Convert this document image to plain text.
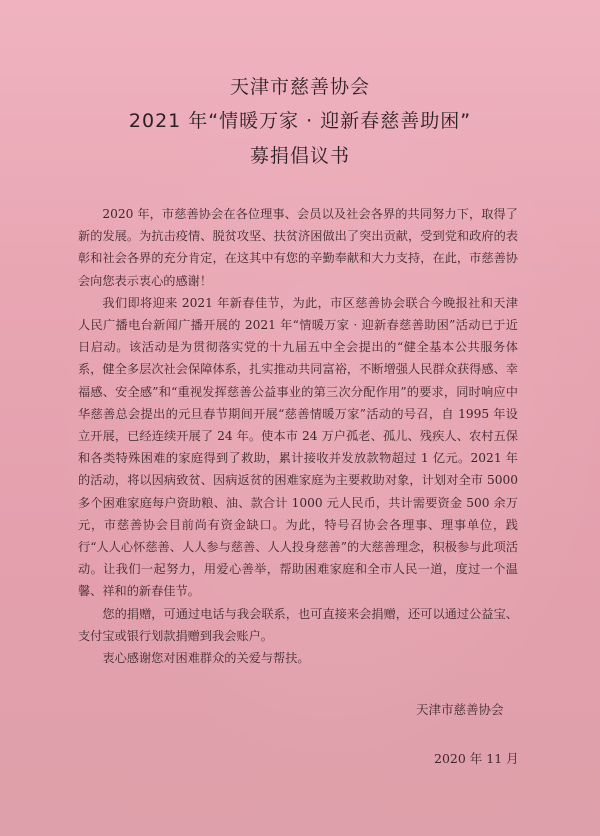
天津市慈善协会
2021 年“情暖万家 · 迎新春慈善助困”
募捐倡议书

2020 年，市慈善协会在各位理事、会员以及社会各界的共同努力下，取得了新的发展。为抗击疫情、脱贫攻坚、扶贫济困做出了突出贡献，受到党和政府的表彰和社会各界的充分肯定，在这其中有您的辛勤奉献和大力支持，在此，市慈善协会向您表示衷心的感谢！

我们即将迎来 2021 年新春佳节，为此，市区慈善协会联合今晚报社和天津人民广播电台新闻广播开展的 2021 年“情暖万家 · 迎新春慈善助困”活动已于近日启动。该活动是为贯彻落实党的十九届五中全会提出的“健全基本公共服务体系，健全多层次社会保障体系，扎实推动共同富裕，不断增强人民群众获得感、幸福感、安全感”和“重视发挥慈善公益事业的第三次分配作用”的要求，同时响应中华慈善总会提出的元旦春节期间开展“慈善情暖万家”活动的号召，自 1995 年设立开展，已经连续开展了 24 年。使本市 24 万户孤老、孤儿、残疾人、农村五保和各类特殊困难的家庭得到了救助，累计接收并发放款物超过 1 亿元。2021 年的活动，将以因病致贫、因病返贫的困难家庭为主要救助对象，计划对全市 5000 多个困难家庭每户资助粮、油、款合计 1000 元人民币，共计需要资金 500 余万元，市慈善协会目前尚有资金缺口。为此，特号召协会各理事、理事单位，践行“人人心怀慈善、人人参与慈善、人人投身慈善”的大慈善理念，积极参与此项活动。让我们一起努力，用爱心善举，帮助困难家庭和全市人民一道，度过一个温馨、祥和的新春佳节。

您的捐赠，可通过电话与我会联系，也可直接来会捐赠，还可以通过公益宝、支付宝或银行划款捐赠到我会账户。

衷心感谢您对困难群众的关爱与帮扶。

天津市慈善协会
2020 年 11 月
